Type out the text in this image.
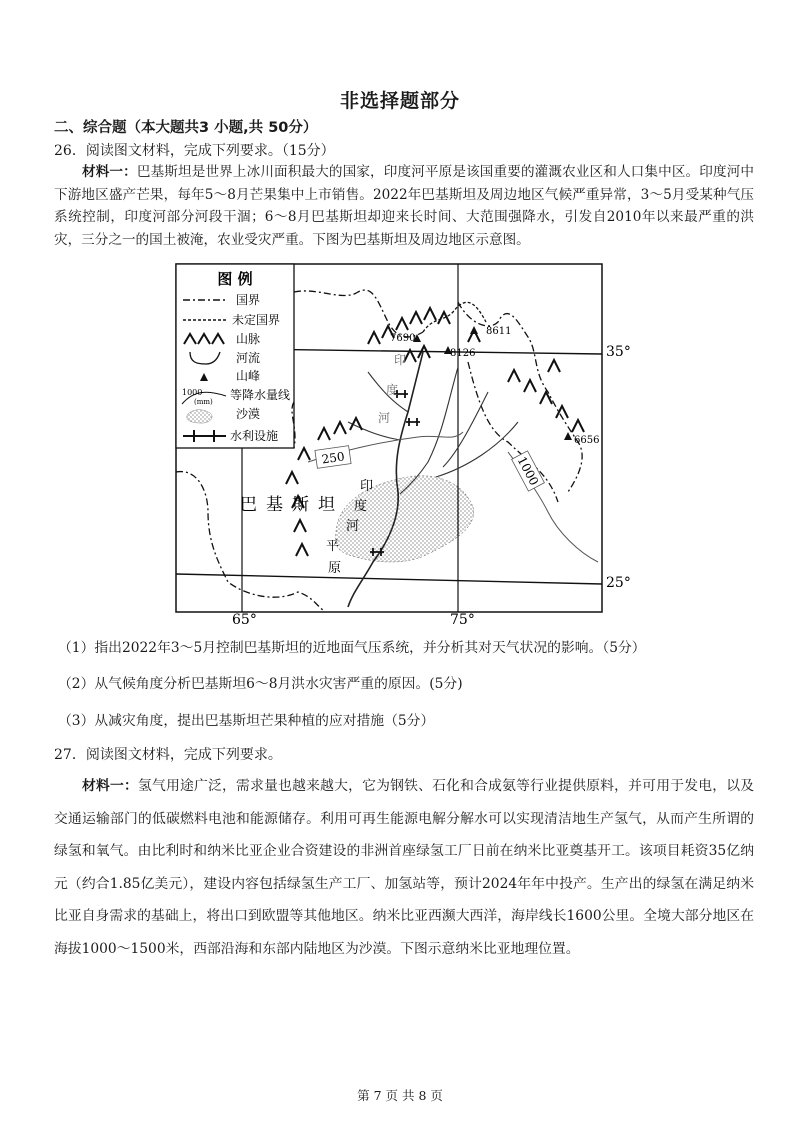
非选择题部分
二、综合题（本大题共3 小题,共 50分）
26．阅读图文材料，完成下列要求。（15分）
材料一：巴基斯坦是世界上冰川面积最大的国家，印度河平原是该国重要的灌溉农业区和人口集中区。印度河中下游地区盛产芒果，每年5～8月芒果集中上市销售。2022年巴基斯坦及周边地区气候严重异常，3～5月受某种气压系统控制，印度河部分河段干涸；6～8月巴基斯坦却迎来长时间、大范围强降水，引发自2010年以来最严重的洪灾，三分之一的国土被淹，农业受灾严重。下图为巴基斯坦及周边地区示意图。
图 例
1000
(mm)
国界
未定国界
山脉
河流
山峰
等降水量线
沙漠
水利设施
250	1000
7690
8611
8126
6656
巴 基 斯 坦
印
度
河
印
度
河
平
原
35°
25°
65°	75°
（1）指出2022年3～5月控制巴基斯坦的近地面气压系统，并分析其对天气状况的影响。（5分）
（2）从气候角度分析巴基斯坦6～8月洪水灾害严重的原因。(5分)
（3）从减灾角度，提出巴基斯坦芒果种植的应对措施（5分）
27．阅读图文材料，完成下列要求。
材料一：氢气用途广泛，需求量也越来越大，它为钢铁、石化和合成氨等行业提供原料，并可用于发电，以及交通运输部门的低碳燃料电池和能源储存。利用可再生能源电解分解水可以实现清洁地生产氢气，从而产生所谓的绿氢和氧气。由比利时和纳米比亚企业合资建设的非洲首座绿氢工厂日前在纳米比亚奠基开工。该项目耗资35亿纳元（约合1.85亿美元），建设内容包括绿氢生产工厂、加氢站等，预计2024年年中投产。生产出的绿氢在满足纳米比亚自身需求的基础上，将出口到欧盟等其他地区。纳米比亚西濒大西洋，海岸线长1600公里。全境大部分地区在海拔1000～1500米，西部沿海和东部内陆地区为沙漠。下图示意纳米比亚地理位置。
第 7 页 共 8 页
